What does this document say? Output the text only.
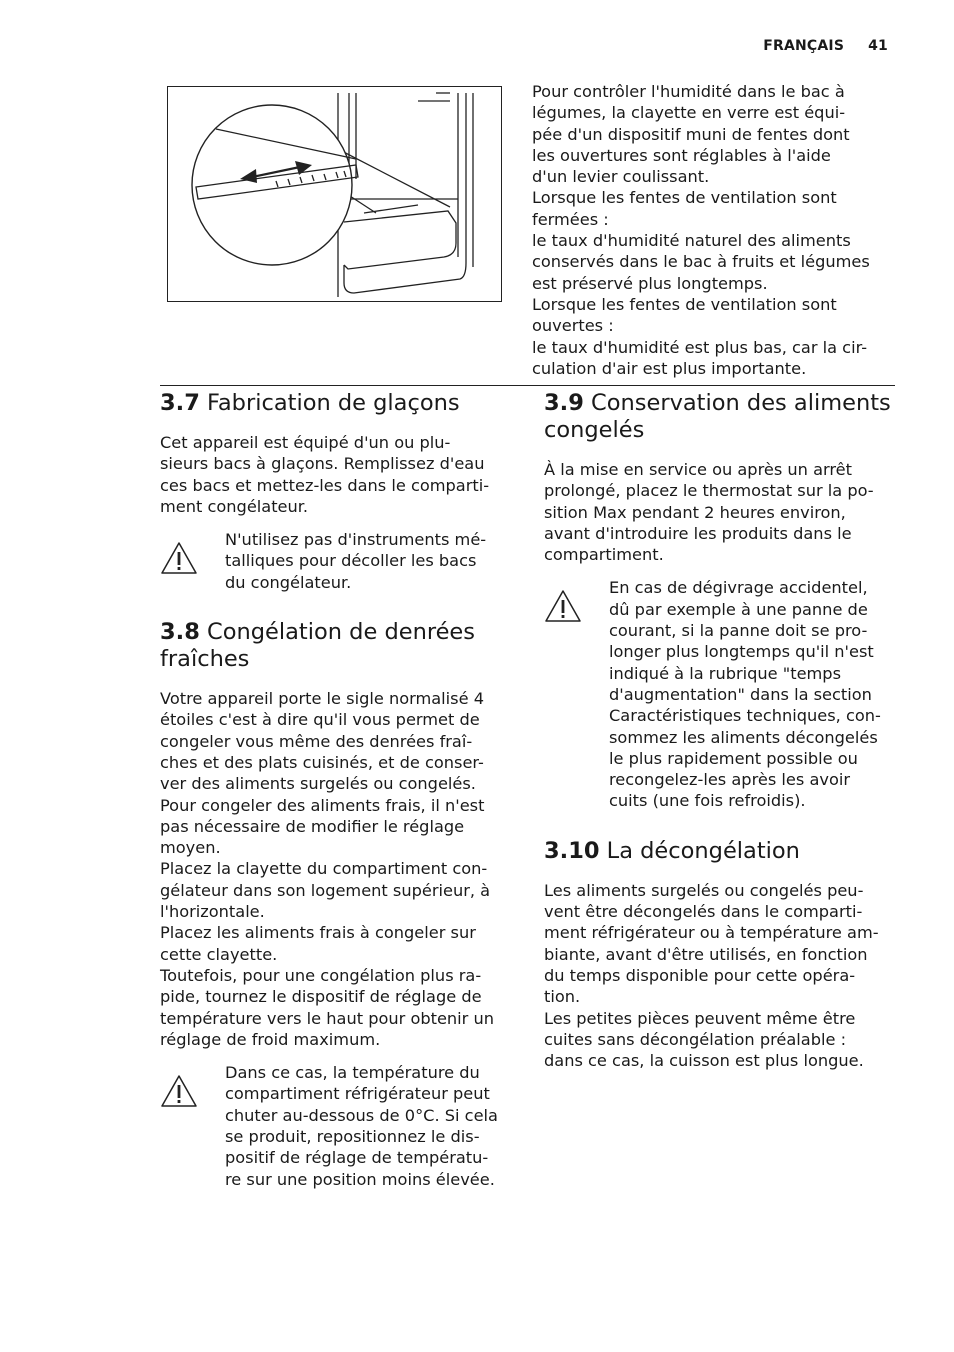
FRANÇAIS 41

Pour contrôler l'humidité dans le bac à

légumes, la clayette en verre est équi-

pée d'un dispositif muni de fentes dont

les ouvertures sont réglables à l'aide

d'un levier coulissant.

Lorsque les fentes de ventilation sont

fermées :

le taux d'humidité naturel des aliments

conservés dans le bac à fruits et légumes

est préservé plus longtemps.

Lorsque les fentes de ventilation sont

ouvertes :

le taux d'humidité est plus bas, car la cir-

culation d'air est plus importante.

3.7 Fabrication de glaçons

Cet appareil est équipé d'un ou plu-

sieurs bacs à glaçons. Remplissez d'eau

ces bacs et mettez-les dans le comparti-

ment congélateur.

N'utilisez pas d'instruments mé-

talliques pour décoller les bacs

du congélateur.

3.8 Congélation de denrées
fraîches

Votre appareil porte le sigle normalisé 4

étoiles c'est à dire qu'il vous permet de

congeler vous même des denrées fraî-

ches et des plats cuisinés, et de conser-

ver des aliments surgelés ou congelés.

Pour congeler des aliments frais, il n'est

pas nécessaire de modifier le réglage

moyen.

Placez la clayette du compartiment con-

gélateur dans son logement supérieur, à

l'horizontale.

Placez les aliments frais à congeler sur

cette clayette.

Toutefois, pour une congélation plus ra-

pide, tournez le dispositif de réglage de

température vers le haut pour obtenir un

réglage de froid maximum.

Dans ce cas, la température du

compartiment réfrigérateur peut

chuter au-dessous de 0°C. Si cela

se produit, repositionnez le dis-

positif de réglage de températu-

re sur une position moins élevée.

3.9 Conservation des aliments
congelés

À la mise en service ou après un arrêt

prolongé, placez le thermostat sur la po-

sition Max pendant 2 heures environ,

avant d'introduire les produits dans le

compartiment.

En cas de dégivrage accidentel,

dû par exemple à une panne de

courant, si la panne doit se pro-

longer plus longtemps qu'il n'est

indiqué à la rubrique "temps

d'augmentation" dans la section

Caractéristiques techniques, con-

sommez les aliments décongelés

le plus rapidement possible ou

recongelez-les après les avoir

cuits (une fois refroidis).

3.10 La décongélation

Les aliments surgelés ou congelés peu-

vent être décongelés dans le comparti-

ment réfrigérateur ou à température am-

biante, avant d'être utilisés, en fonction

du temps disponible pour cette opéra-

tion.

Les petites pièces peuvent même être

cuites sans décongélation préalable :

dans ce cas, la cuisson est plus longue.
